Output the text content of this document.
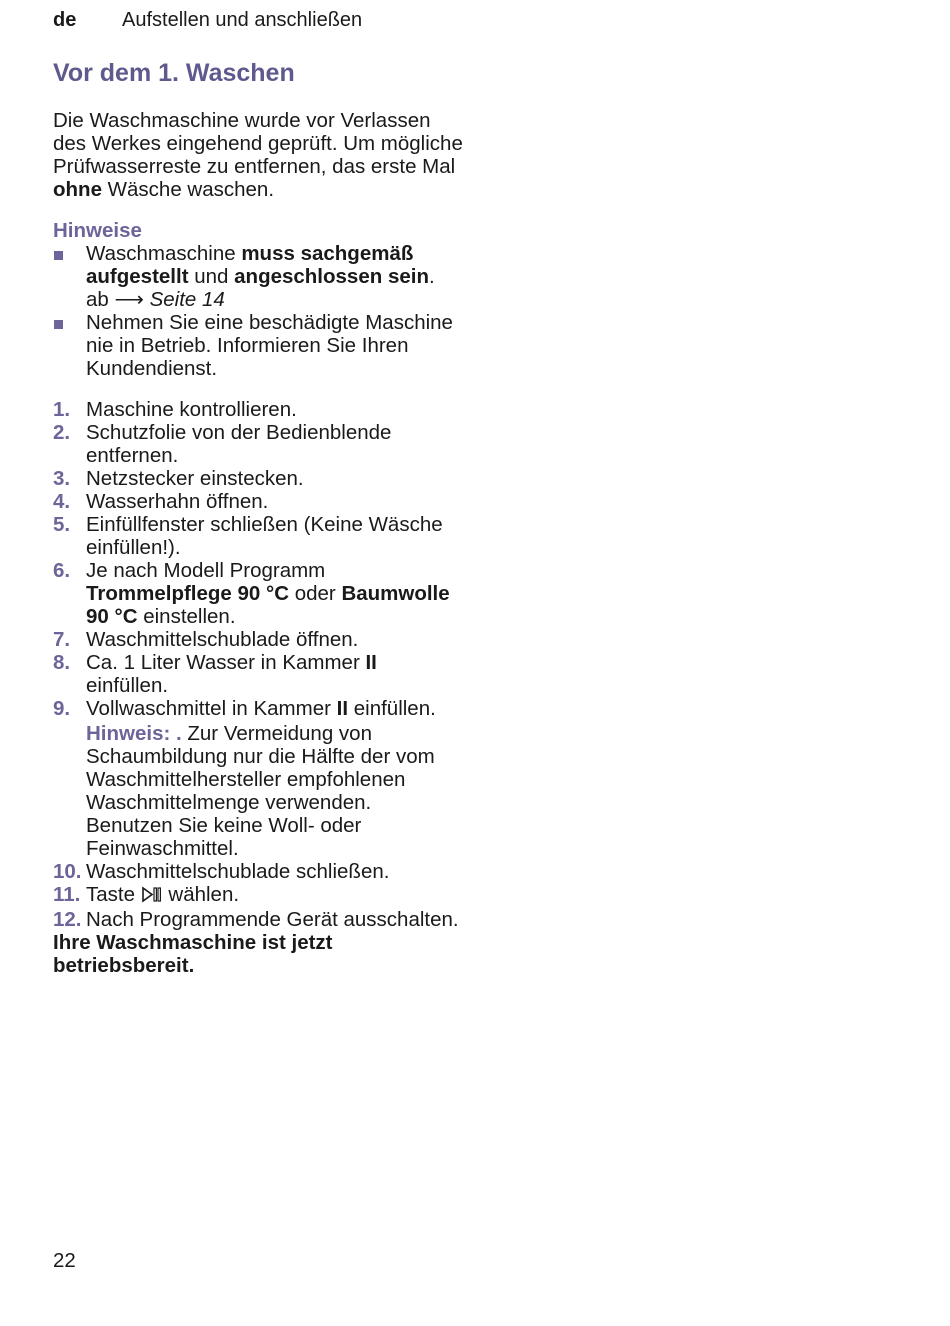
de Aufstellen und anschließen
Vor dem 1. Waschen

Die Waschmaschine wurde vor Verlassen des Werkes eingehend geprüft. Um mögliche Prüfwasserreste zu entfernen, das erste Mal ohne Wäsche waschen.

Hinweise
Waschmaschine muss sachgemäß aufgestellt und angeschlossen sein. ab ⟶ Seite 14
Nehmen Sie eine beschädigte Maschine nie in Betrieb. Informieren Sie Ihren Kundendienst.
1. Maschine kontrollieren.
2. Schutzfolie von der Bedienblende entfernen.
3. Netzstecker einstecken.
4. Wasserhahn öffnen.
5. Einfüllfenster schließen (Keine Wäsche einfüllen!).
6. Je nach Modell Programm Trommelpflege 90 °C oder Baumwolle 90 °C einstellen.
7. Waschmittelschublade öffnen.
8. Ca. 1 Liter Wasser in Kammer II einfüllen.
9. Vollwaschmittel in Kammer II einfüllen.
Hinweis: . Zur Vermeidung von Schaumbildung nur die Hälfte der vom Waschmittelhersteller empfohlenen Waschmittelmenge verwenden. Benutzen Sie keine Woll- oder Feinwaschmittel.
10. Waschmittelschublade schließen.
11. Taste  wählen.
12. Nach Programmende Gerät ausschalten.

Ihre Waschmaschine ist jetzt betriebsbereit.

22
